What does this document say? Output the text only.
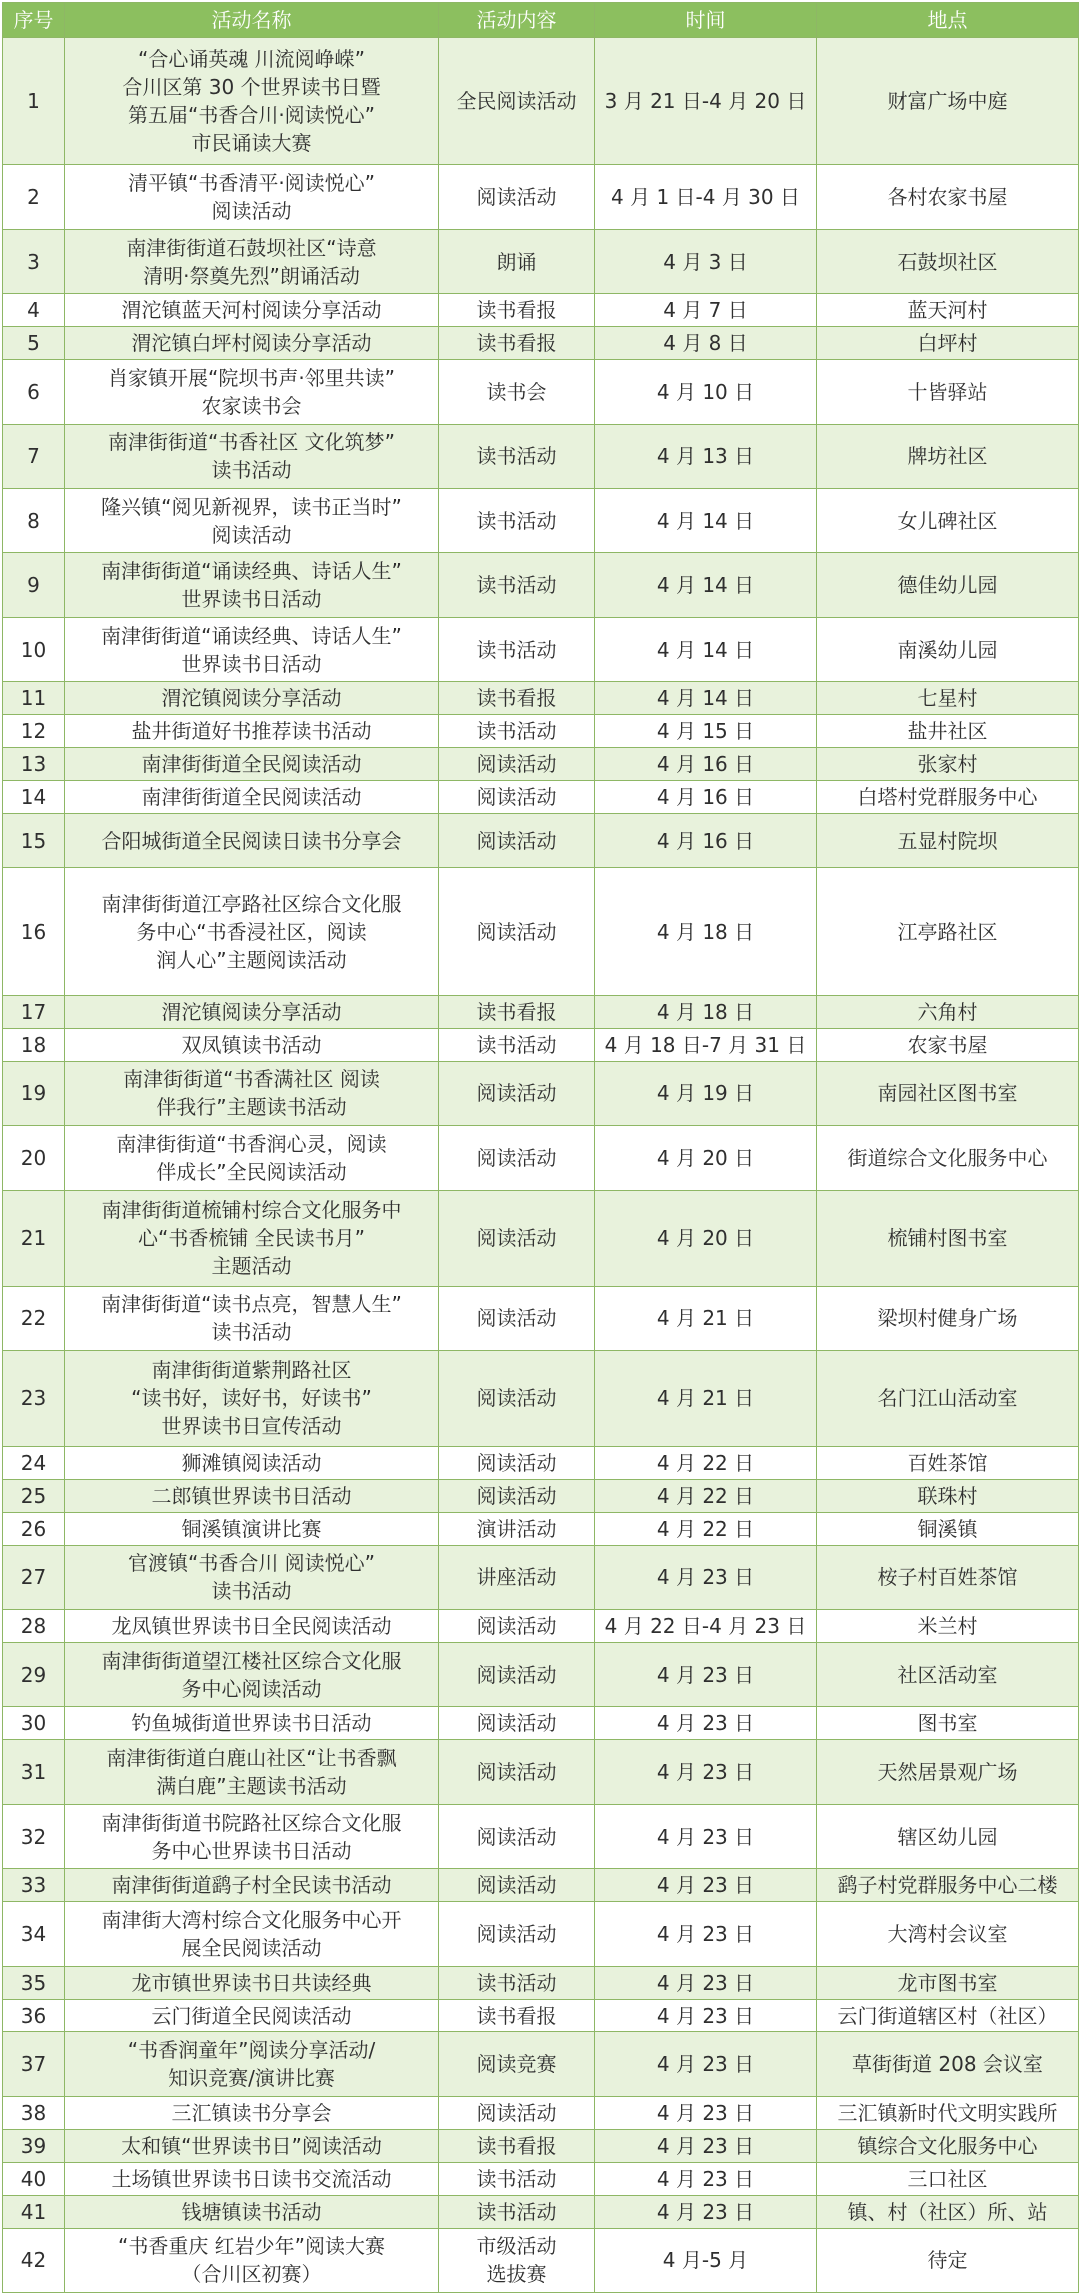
序号	活动名称	活动内容	时间	地点
1	“合心诵英魂 川流阅峥嵘”
合川区第 30 个世界读书日暨
第五届“书香合川·阅读悦心”
市民诵读大赛	全民阅读活动	3 月 21 日-4 月 20 日	财富广场中庭
2	清平镇“书香清平·阅读悦心”
阅读活动	阅读活动	4 月 1 日-4 月 30 日	各村农家书屋
3	南津街街道石鼓坝社区“诗意
清明·祭奠先烈”朗诵活动	朗诵	4 月 3 日	石鼓坝社区
4	渭沱镇蓝天河村阅读分享活动	读书看报	4 月 7 日	蓝天河村
5	渭沱镇白坪村阅读分享活动	读书看报	4 月 8 日	白坪村
6	肖家镇开展“院坝书声·邻里共读”
农家读书会	读书会	4 月 10 日	十皆驿站
7	南津街街道“书香社区 文化筑梦”
读书活动	读书活动	4 月 13 日	牌坊社区
8	隆兴镇“阅见新视界，读书正当时”
阅读活动	读书活动	4 月 14 日	女儿碑社区
9	南津街街道“诵读经典、诗话人生”
世界读书日活动	读书活动	4 月 14 日	德佳幼儿园
10	南津街街道“诵读经典、诗话人生”
世界读书日活动	读书活动	4 月 14 日	南溪幼儿园
11	渭沱镇阅读分享活动	读书看报	4 月 14 日	七星村
12	盐井街道好书推荐读书活动	读书活动	4 月 15 日	盐井社区
13	南津街街道全民阅读活动	阅读活动	4 月 16 日	张家村
14	南津街街道全民阅读活动	阅读活动	4 月 16 日	白塔村党群服务中心
15	合阳城街道全民阅读日读书分享会	阅读活动	4 月 16 日	五显村院坝
16	南津街街道江亭路社区综合文化服
务中心“书香浸社区，阅读
润人心”主题阅读活动	阅读活动	4 月 18 日	江亭路社区
17	渭沱镇阅读分享活动	读书看报	4 月 18 日	六角村
18	双凤镇读书活动	读书活动	4 月 18 日-7 月 31 日	农家书屋
19	南津街街道“书香满社区 阅读
伴我行”主题读书活动	阅读活动	4 月 19 日	南园社区图书室
20	南津街街道“书香润心灵，阅读
伴成长”全民阅读活动	阅读活动	4 月 20 日	街道综合文化服务中心
21	南津街街道梳铺村综合文化服务中
心“书香梳铺 全民读书月”
主题活动	阅读活动	4 月 20 日	梳铺村图书室
22	南津街街道“读书点亮，智慧人生”
读书活动	阅读活动	4 月 21 日	梁坝村健身广场
23	南津街街道紫荆路社区
“读书好，读好书，好读书”
世界读书日宣传活动	阅读活动	4 月 21 日	名门江山活动室
24	狮滩镇阅读活动	阅读活动	4 月 22 日	百姓茶馆
25	二郎镇世界读书日活动	阅读活动	4 月 22 日	联珠村
26	铜溪镇演讲比赛	演讲活动	4 月 22 日	铜溪镇
27	官渡镇“书香合川 阅读悦心”
读书活动	讲座活动	4 月 23 日	桉子村百姓茶馆
28	龙凤镇世界读书日全民阅读活动	阅读活动	4 月 22 日-4 月 23 日	米兰村
29	南津街街道望江楼社区综合文化服
务中心阅读活动	阅读活动	4 月 23 日	社区活动室
30	钓鱼城街道世界读书日活动	阅读活动	4 月 23 日	图书室
31	南津街街道白鹿山社区“让书香飘
满白鹿”主题读书活动	阅读活动	4 月 23 日	天然居景观广场
32	南津街街道书院路社区综合文化服
务中心世界读书日活动	阅读活动	4 月 23 日	辖区幼儿园
33	南津街街道鹞子村全民读书活动	阅读活动	4 月 23 日	鹞子村党群服务中心二楼
34	南津街大湾村综合文化服务中心开
展全民阅读活动	阅读活动	4 月 23 日	大湾村会议室
35	龙市镇世界读书日共读经典	读书活动	4 月 23 日	龙市图书室
36	云门街道全民阅读活动	读书看报	4 月 23 日	云门街道辖区村（社区）
37	“书香润童年”阅读分享活动/
知识竞赛/演讲比赛	阅读竞赛	4 月 23 日	草街街道 208 会议室
38	三汇镇读书分享会	阅读活动	4 月 23 日	三汇镇新时代文明实践所
39	太和镇“世界读书日”阅读活动	读书看报	4 月 23 日	镇综合文化服务中心
40	土场镇世界读书日读书交流活动	读书活动	4 月 23 日	三口社区
41	钱塘镇读书活动	读书活动	4 月 23 日	镇、村（社区）所、站
42	“书香重庆 红岩少年”阅读大赛
（合川区初赛）	市级活动
选拔赛	4 月-5 月	待定
